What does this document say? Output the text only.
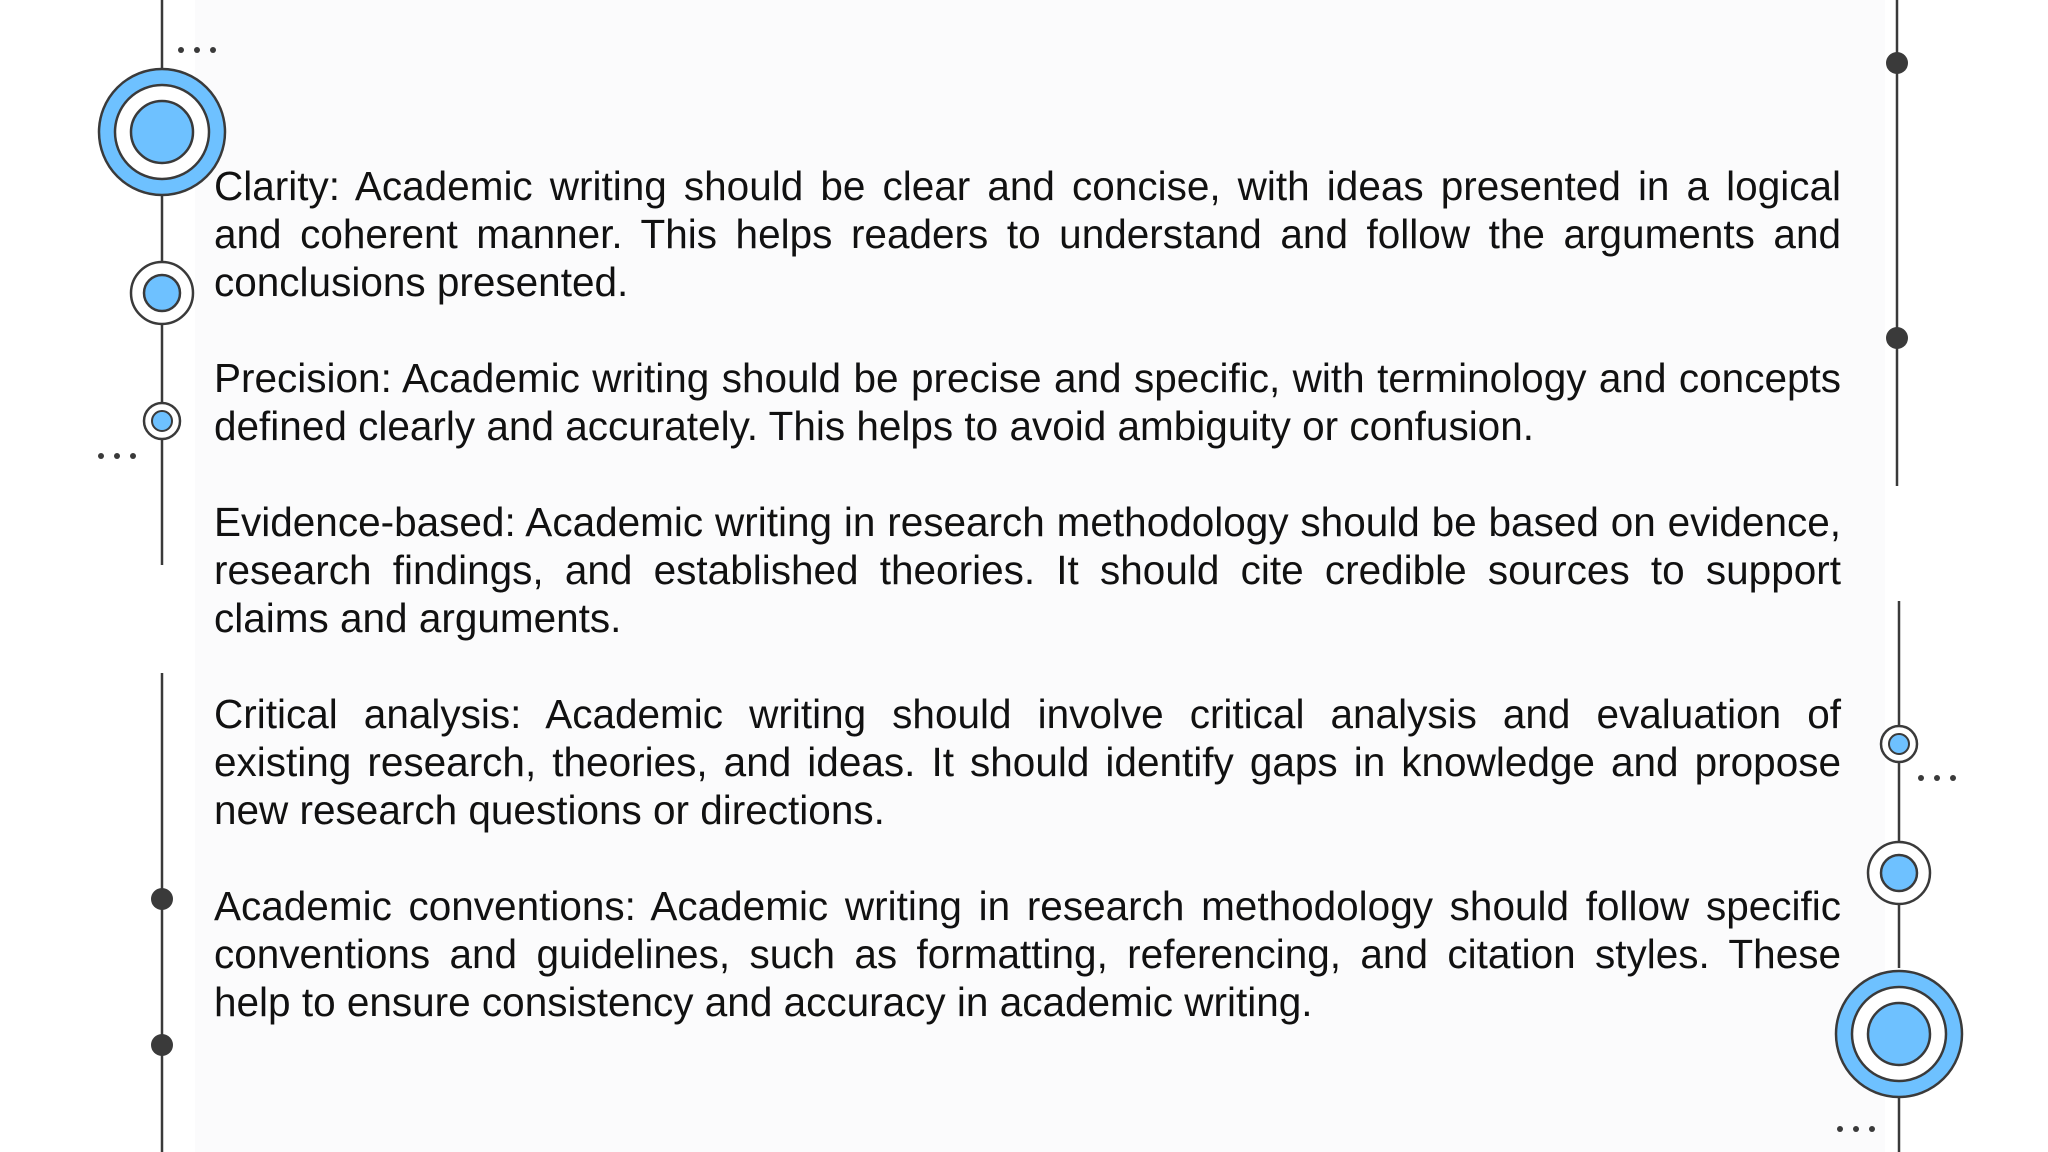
Clarity: Academic writing should be clear and concise, with ideas presented in a logical and coherent manner. This helps readers to understand and follow the arguments and conclusions presented.

Precision: Academic writing should be precise and specific, with terminology and concepts defined clearly and accurately. This helps to avoid ambiguity or confusion.

Evidence-based: Academic writing in research methodology should be based on evidence, research findings, and established theories. It should cite credible sources to support claims and arguments.

Critical analysis: Academic writing should involve critical analysis and evaluation of existing research, theories, and ideas. It should identify gaps in knowledge and propose new research questions or directions.

Academic conventions: Academic writing in research methodology should follow specific conventions and guidelines, such as formatting, referencing, and citation styles. These help to ensure consistency and accuracy in academic writing.
